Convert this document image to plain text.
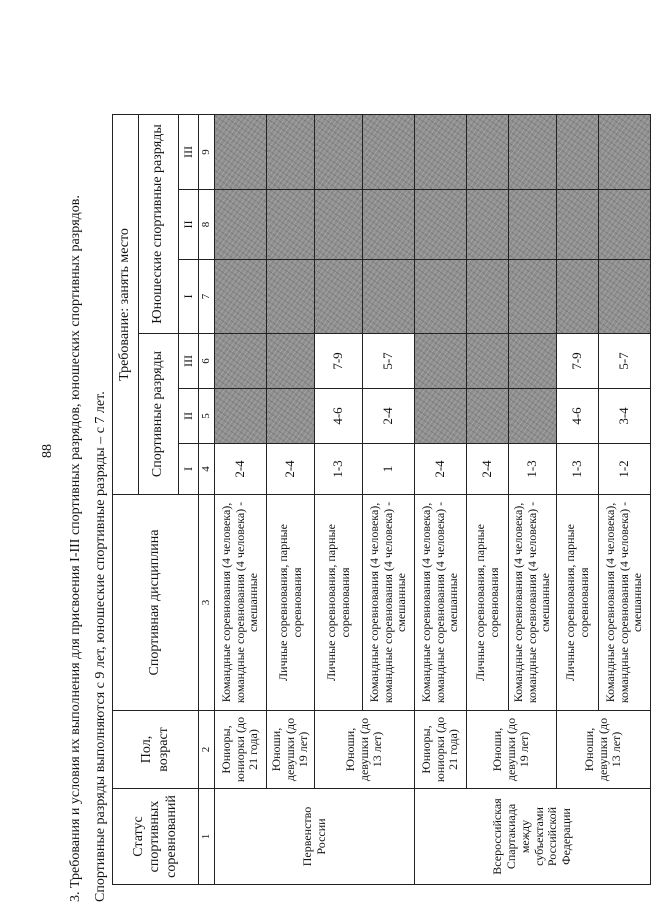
88 3. Требования и условия их выполнения для присвоения I-III спортивных разрядов, юношеских спортивных разрядов. Спортивные разряды выполняются с 9 лет, юношеские спортивные разряды – с 7 лет. Статус спортивных соревнований	Пол, возраст	Спортивная дисциплина	Требование: занять место					
			Спортивные разряды			Юношеские спортивные разряды		
			I	II	III	I	II	III
1	2	3	4	5	6	7	8	9
Первенство России	Юниоры, юниорки (до 21 года)	Командные соревнования (4 человека), командные соревнования (4 человека) - смешанные	2-4					
	Юноши, девушки (до 19 лет)	Личные соревнования, парные соревнования	2-4					
	Юноши, девушки (до 13 лет)	Личные соревнования, парные соревнования	1-3	4-6	7-9			
		Командные соревнования (4 человека), командные соревнования (4 человека) - смешанные	1	2-4	5-7			
Всероссийская Спартакиада между субъектами Российской Федерации	Юниоры, юниорки (до 21 года)	Командные соревнования (4 человека), командные соревнования (4 человека) - смешанные	2-4					
	Юноши, девушки (до 19 лет)	Личные соревнования, парные соревнования	2-4					
		Командные соревнования (4 человека), командные соревнования (4 человека) - смешанные	1-3					
	Юноши, девушки (до 13 лет)	Личные соревнования, парные соревнования	1-3	4-6	7-9			
		Командные соревнования (4 человека), командные соревнования (4 человека) - смешанные	1-2	3-4	5-7			
